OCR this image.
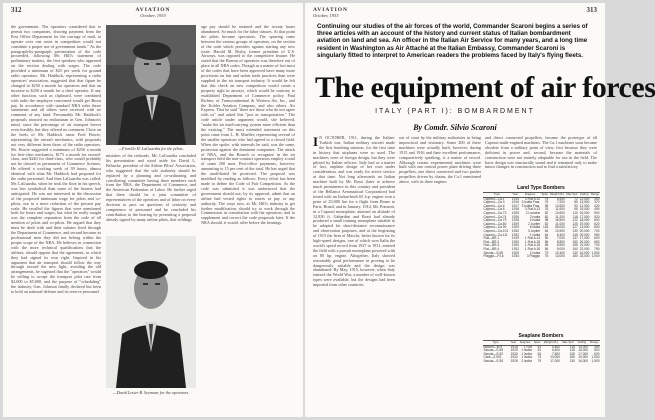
312	AVIATION
October, 1933
the government. The operators considered that to permit two companies, drawing payment from the Post Office Department for the carriage of mail, to operate over one route in competition would not constitute a proper use of government funds." As the paragraph-by-paragraph presentation of the code proceeded, following Mr. Hill's statement of preliminary matters, the first speakers who appeared on the section dealing with wages. The code provided a minimum of $25 per week for ground radio operators. Mr. Haddock, representing a radio operators' association, suggested that that figure be changed to $250 a month for operators and that an increase to $250 a month for a chief operator. If any other function, such as clipboard, were combined with radio the employee concerned would get $hour pay. In accordance with standard NRA rules those statements and all others were received with no comment of any kind. Presumably Mr. Haddock's proposals aroused no enthusiasm in Gen. Johnson's mind, since the percentage of air transport brevet even feasibly, but they offered no comment. Close on the heels of Mr. Haddock came Fred Howie, representing the aircraft mechanics, with proposals not very different from those of the radio operators. Mr. Howie suggested a minimum of $250 a month for first-class mechanics, $175 a month for second-class, and $240 for third-class, who would probably not be classed as permanent of Commerce licenses. He offered a working week of 39 hours, almost identical with what Mr. Haddock had proposed for the radio personnel. And then LaGuardia was called. Mr. LaGuardia, when he took the floor in his speech, was less symbolical than some of the hearers had anticipated. He was not interested in the discussion of the proposed minimum wage for pilots and co-pilots, nor in a mere reduction of the present pay scale. He recalled the figures that were mentioned both for hours and wages, but what he really sought was the complete separation from the code of all mention of pilots and co-pilots. He argued that they must be dealt with and their salaries fixed through the Department of Commerce, and second because as professional men they did not belong within the proper scope of the NRA. He believes in connection with the more technical qualifications that the airlines, should oppose that the agreement, in which they had signed its own right. Inspired in his argument that air transport should follow the way through toward the new light, avoiding the old arrangements, he sugested that the "operators" would be willing to accept the transport pilot rate from $2,000 to $5,000, and the purpose of "scheduling" the industry, Gen. Johnson finally declared but been to hold on national defense and its reserve personnel.
—Fiorello H. LaGuardia for the pilots.
mistakes of the railroads. Mr. LaGuardia concluded his presentation and stood aside for David L. Behncke, president of the Airline Pilots' Association, who suggested that the sole authority should be replaced by a planning and co-ordinating and conciliating committee having three members each from the NRA, the Department of Commerce, and the American Federation of Labor. He further urged that there should be a joint committee of representatives of the operators and of labor on every decision to pass on questions of seniority and competence of personnel and he concluded his contribution to the hearing by presenting a proposal already signed by many airline pilots, that wildings
—David Lester B. Seymour for the operators.
age pay should be retained and the twenty hours abandoned. So much for the labor clauses. At that point the pilots became spectators. The sparring came between the various groups of operators, on the section of the code which provides against starting any new route. Harold M. Bixby, former president of U.S. Airways, was opposed to the competitive feature. He stated that the Bureau of operators was therefore out of place in all NRA codes. Though as a matter of fact most of the codes that have been approved have many more provisions on fair and unfair trade practices than were supplied to the air transport industry. It would be felt that this check on new competition would create a property right in airways, which would be contrary to established Department of Commerce policy. Paul Richter, of Transcontinental & Western Air, Inc., and the Kohler Aviation Company, and also others. Air Express. That he said "there are those who do not agree with us" and asked this "just as transportation." The code article under argument would, she believed, "make the air mail-carrying system more efficient than the existing." The most extended statement on this point came from L. H. Mueller, representing several of the smaller operators who had agreed to a closed field. When she spoke, with intervals he said, was the same, protection against the dominant companies. The attack of NRA, and the Branch to recognize in the air transport field the non-contract operators employ a total of some 200 men. Post-office payments, however, amounting to 15 per cent of the total. He has urged that the unaffiliated be protected. The proposal was modified by reading as follows: Every effort has been made to define the Code of Fair Competition. As the code was submitted it was understood that the government should not, by its approval, admit that an airline had vested rights to routes or pay or any authority. The ways now, as Mr. Hill's industry to get further modification, should try to work through the Commission in consultation with the operators, and to supplement and correct the code proposals later. If the NRA should, it would, offer before the hearings.
AVIATION
October, 1933
313
Continuing our studies of the air forces of the world, Commander Scaroni begins a series of three articles with an account of the history and current status of Italian bombardment aviation on land and sea. An officer in the Italian Air Service for many years, and a long time resident in Washington as Air Attaché at the Italian Embassy, Commander Scaroni is singularly fitted to interpret to American readers the problems faced by Italy's flying fleets.
The equipment of air forces
ITALY (PART I): BOMBARDMENT
By Comdr. Silvio Scaroni
I N OCTOBER, 1911, during the Italian-Turkish war, Italian military aircraft made the first bombing mission, for the first time in history that airplanes were so used. The machines were of foreign design, but they were piloted by Italian officers. Italy had as a matter of fact, airplane design of her own under consideration, and was ready for active service at that time. Not long afterwards an Italian machine built by Mr. Bossi (later to achieve much prominence in this country and president of the Bellanca Aeronautical Corporation) had tested with an Italian-built 65 h.p. engine won a prize of 25,000 lire for a flight from Rome to Paris, Brazil, and in January, 1914, Mr. Pomenti, in a Caproni monoplane, attained an altitude of 12,830 ft. Gabardini and Bossi had already produced a small training monoplane suitable to be adopted for short-distance reconnaissance and observation purposes, and at the beginning of 1915 the firm of Macchi, better known for its high-speed designs, one of which won Italia the world's speed record from 1927 to 1931, entered the field with a pursuit monoplane powered with an 80 hp. engine. Altogether, Italy showed reasonably good performance in proving to be dangerously suitable and the design was abandoned. By May, 1915, however, when Italy entered the World War, a number of well-known types were available, but the designs had been imported from other countries.
out of court by the military authorities as being impractical and visionary. Some 200 of these machines were actually built, however, during 1915 and 1916 and their excellent performance, comparatively speaking, is a matter of record. Although certain experimental machines were built with one central power plant driving three propellers, one direct connected and two pusher propellers driven by chains, the Ca.1 mentioned above, with its three engines
and direct connected propellers, became the prototype of all Caproni multi-engined machines. The Ca.1 machines soon became obsolete from a military point of view, first because they were deficient in power and, second, because the materials of construction were not entirely adaptable for use in the field. The basic design was structurally sound and it remained only to make minor changes in construction and to find a satisfactory
Land Type Bombers
Type	Year	Engines	Span	Weight (lb.)	Max Spd	Ceiling	Range
Caproni—Ca.1	1915	3 Fiat A.10	75	6,500	72	12,000	350
Caproni—Ca.3	1916	3 Isotta Fras.	75	7,200	85	13,500	370
Caproni—Ca.4	1917	3 Isotta Fras.	98	13,600	93	12,000	420
Caproni—Ca.5	1918	3 Fiat A.12	76	11,600	95	15,000	450
Caproni—Ca.73	1925	2 Lorraine	82	10,600	110	16,000	500
Caproni—Ca.74	1926	2 Isotta	82	11,200	118	17,000	520
Caproni—Ca.79	1928	4 Isotta	98	16,500	122	18,000	600
Caproni—Ca.80	1929	2 Jupiter	82	11,000	125	19,000	620
Caproni—Ca.90	1929	6 Isotta	153	55,000	127	13,500	800
Caproni—Ca.101	1930	3 Jupiter	64	10,900	130	20,000	700
Caproni—Ca.111	1932	1 Isotta	64	8,400	145	20,000	950
Fiat—BR.1	1919	1 Fiat A.14	50	7,000	137	17,000	600
Fiat—BR.2	1925	1 Fiat A.25	56	8,800	150	20,000	650
Fiat—BR.3	1930	1 Fiat A.25	56	8,900	155	21,000	700
Fiat—BR.4	1932	1 Fiat A.30	56	9,000	160	22,000	750
Savoia—S.55	1925	2 Isotta	79	10,400	130	16,000	1,500
Piaggio—P.16	1934	3 Piaggio	75	13,000	180	23,000	1,000
Seaplane Bombers
Type	Year	Engines	Span	Weight (lb.)	Max Spd	Ceiling	Range
Macchi—M.9	1918	1 Fiat	51	4,600	115	15,000	350
Savoia—S.59	1925	1 Isotta	51	6,400	118	16,000	500
Savoia—S.62	1926	1 Isotta	54	7,600	130	17,000	600
Cant—Z.501	1932	1 Isotta	73	13,000	155	19,000	1,500
Savoia—S.55	1928	2 Isotta	79	17,000	130	16,000	1,900
